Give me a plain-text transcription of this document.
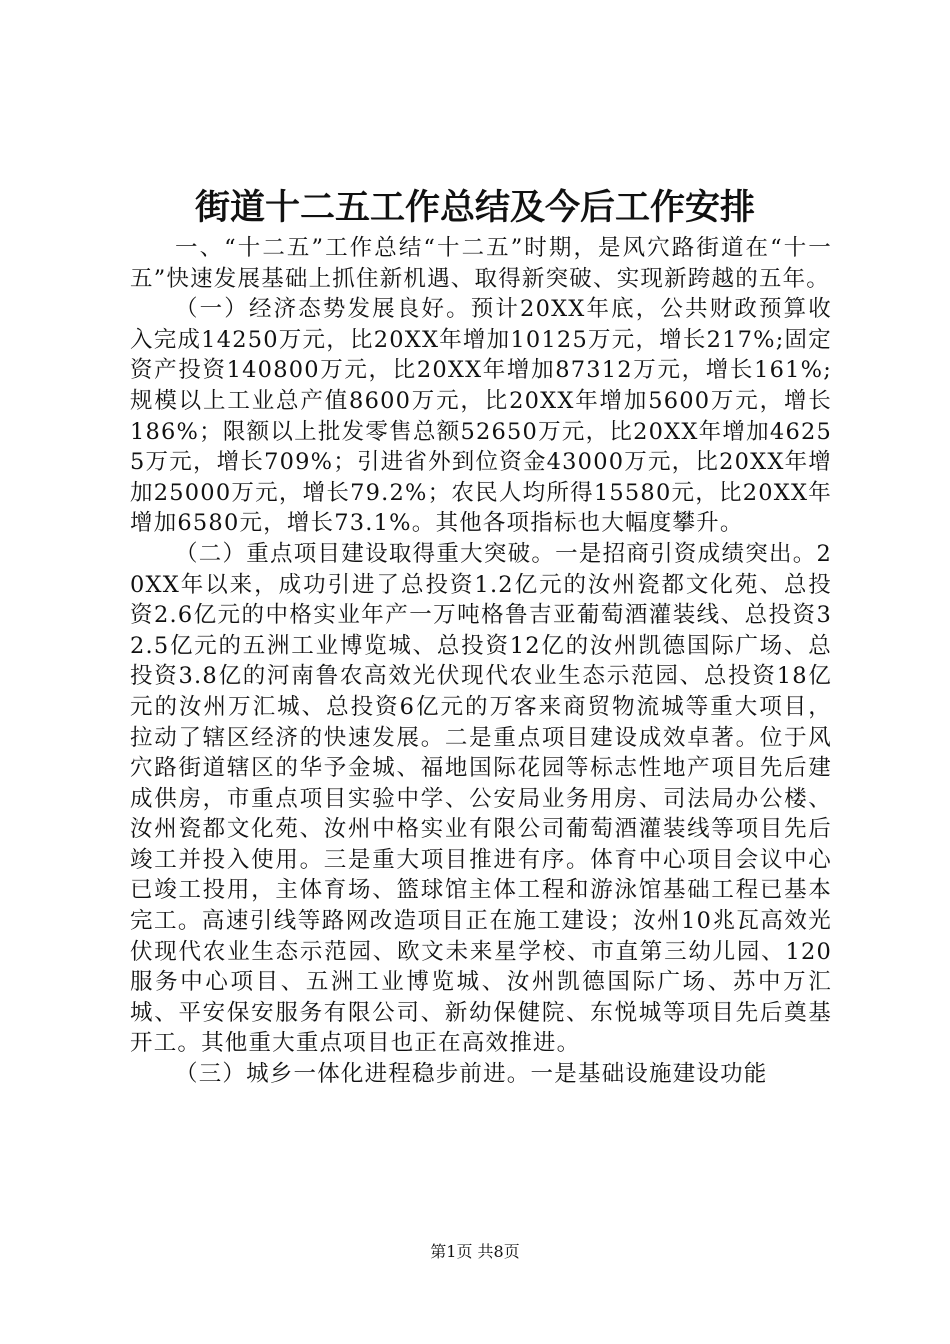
街道十二五工作总结及今后工作安排

一、“十二五”工作总结“十二五”时期，是风穴路街道在“十一五”快速发展基础上抓住新机遇、取得新突破、实现新跨越的五年。

（一）经济态势发展良好。预计20XX年底，公共财政预算收入完成14250万元，比20XX年增加10125万元，增长217%;固定资产投资140800万元，比20XX年增加87312万元，增长161%;规模以上工业总产值8600万元，比20XX年增加5600万元，增长186%；限额以上批发零售总额52650万元，比20XX年增加46255万元，增长709%；引进省外到位资金43000万元，比20XX年增加25000万元，增长79.2%；农民人均所得15580元，比20XX年增加6580元，增长73.1%。其他各项指标也大幅度攀升。

（二）重点项目建设取得重大突破。一是招商引资成绩突出。20XX年以来，成功引进了总投资1.2亿元的汝州瓷都文化苑、总投资2.6亿元的中格实业年产一万吨格鲁吉亚葡萄酒灌装线、总投资32.5亿元的五洲工业博览城、总投资12亿的汝州凯德国际广场、总投资3.8亿的河南鲁农高效光伏现代农业生态示范园、总投资18亿元的汝州万汇城、总投资6亿元的万客来商贸物流城等重大项目，拉动了辖区经济的快速发展。二是重点项目建设成效卓著。位于风穴路街道辖区的华予金城、福地国际花园等标志性地产项目先后建成供房，市重点项目实验中学、公安局业务用房、司法局办公楼、汝州瓷都文化苑、汝州中格实业有限公司葡萄酒灌装线等项目先后竣工并投入使用。三是重大项目推进有序。体育中心项目会议中心已竣工投用，主体育场、篮球馆主体工程和游泳馆基础工程已基本完工。高速引线等路网改造项目正在施工建设；汝州10兆瓦高效光伏现代农业生态示范园、欧文未来星学校、市直第三幼儿园、120服务中心项目、五洲工业博览城、汝州凯德国际广场、苏中万汇城、平安保安服务有限公司、新幼保健院、东悦城等项目先后奠基开工。其他重大重点项目也正在高效推进。

（三）城乡一体化进程稳步前进。一是基础设施建设功能

第1页 共8页
